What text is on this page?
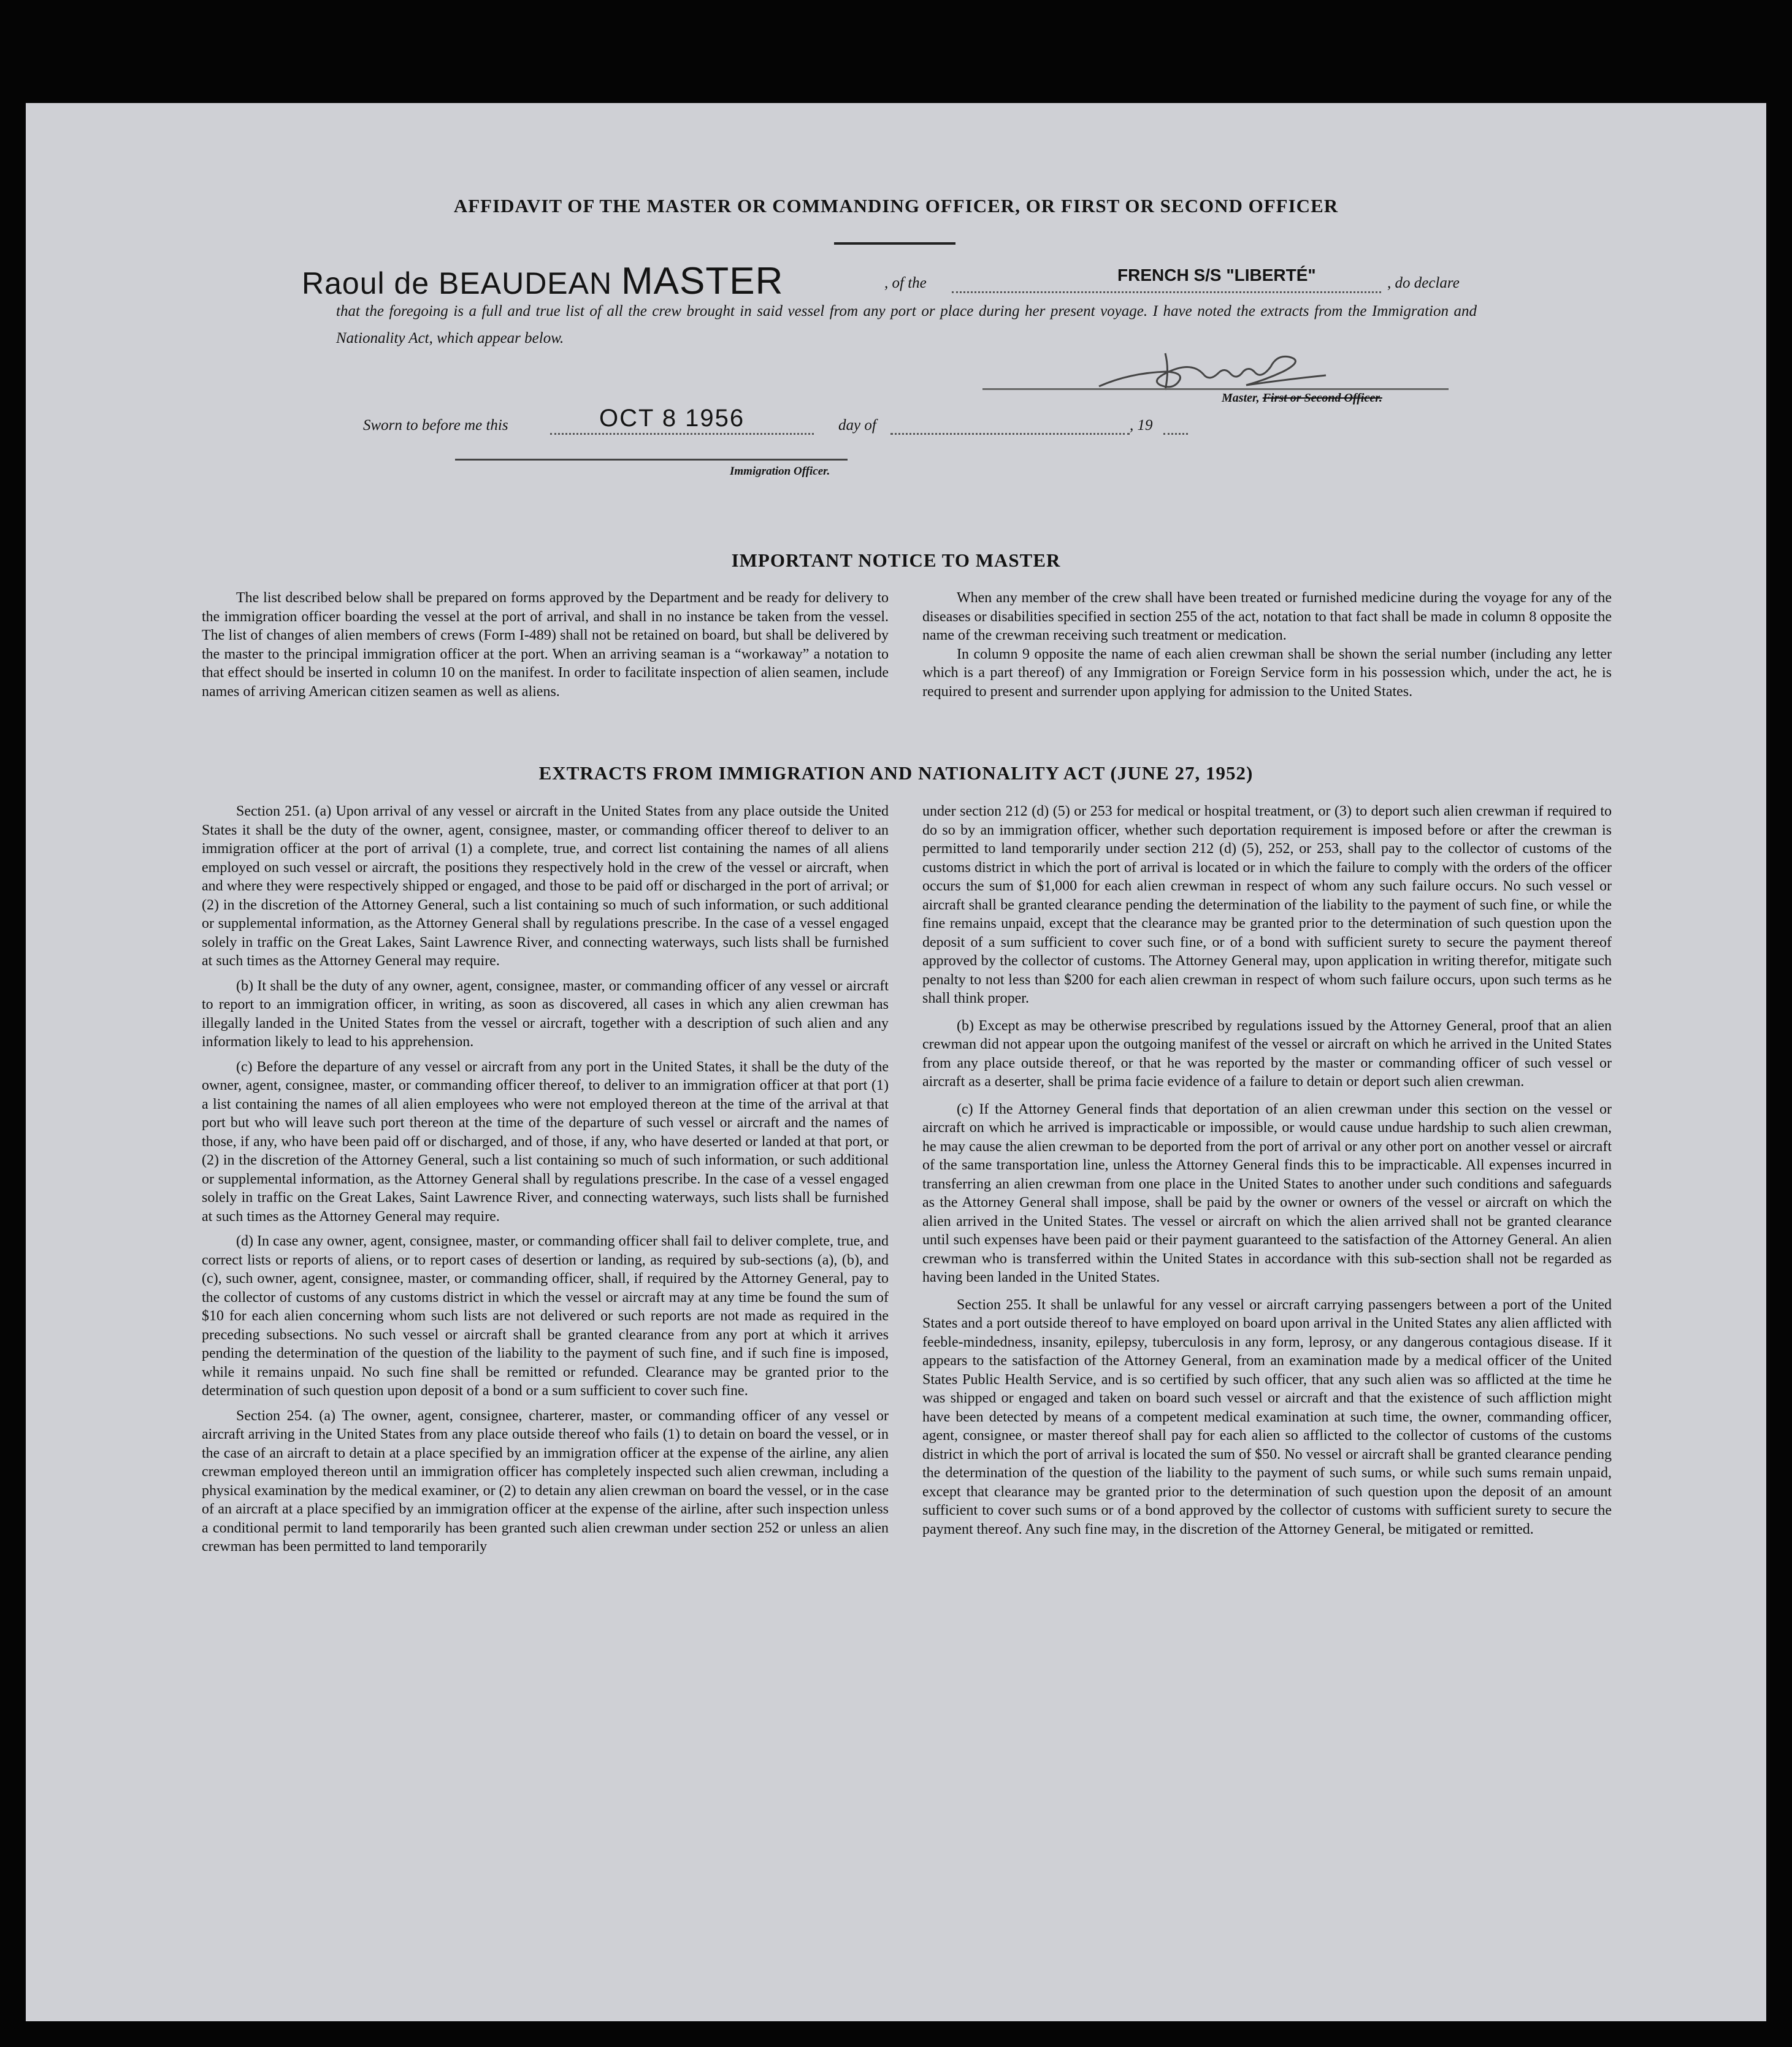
AFFIDAVIT OF THE MASTER OR COMMANDING OFFICER, OR FIRST OR SECOND OFFICER
Raoul de BEAUDEAN MASTER	, of the	FRENCH S/S "LIBERTÉ"	, do declare
that the foregoing is a full and true list of all the crew brought in said vessel from any port or place during her present voyage. I have noted the extracts from the Immigration and Nationality Act, which appear below.
Master, First or Second Officer.
Sworn to before me this	OCT 8 1956	day of	, 19
Immigration Officer.
IMPORTANT NOTICE TO MASTER

The list described below shall be prepared on forms approved by the Department and be ready for delivery to the immigration officer boarding the vessel at the port of arrival, and shall in no instance be taken from the vessel. The list of changes of alien members of crews (Form I-489) shall not be retained on board, but shall be delivered by the master to the principal immigration officer at the port. When an arriving seaman is a “workaway” a notation to that effect should be inserted in column 10 on the manifest. In order to facilitate inspection of alien seamen, include names of arriving American citizen seamen as well as aliens.

When any member of the crew shall have been treated or furnished medicine during the voyage for any of the diseases or disabilities specified in section 255 of the act, notation to that fact shall be made in column 8 opposite the name of the crewman receiving such treatment or medication.

In column 9 opposite the name of each alien crewman shall be shown the serial number (including any letter which is a part thereof) of any Immigration or Foreign Service form in his possession which, under the act, he is required to present and surrender upon applying for admission to the United States.

EXTRACTS FROM IMMIGRATION AND NATIONALITY ACT (JUNE 27, 1952)

Section 251. (a) Upon arrival of any vessel or aircraft in the United States from any place outside the United States it shall be the duty of the owner, agent, consignee, master, or commanding officer thereof to deliver to an immigration officer at the port of arrival (1) a complete, true, and correct list containing the names of all aliens employed on such vessel or aircraft, the positions they respectively hold in the crew of the vessel or aircraft, when and where they were respectively shipped or engaged, and those to be paid off or discharged in the port of arrival; or (2) in the discretion of the Attorney General, such a list containing so much of such information, or such additional or supplemental information, as the Attorney General shall by regulations prescribe. In the case of a vessel engaged solely in traffic on the Great Lakes, Saint Lawrence River, and connecting waterways, such lists shall be furnished at such times as the Attorney General may require.

(b) It shall be the duty of any owner, agent, consignee, master, or commanding officer of any vessel or aircraft to report to an immigration officer, in writing, as soon as discovered, all cases in which any alien crewman has illegally landed in the United States from the vessel or aircraft, together with a description of such alien and any information likely to lead to his apprehension.

(c) Before the departure of any vessel or aircraft from any port in the United States, it shall be the duty of the owner, agent, consignee, master, or commanding officer thereof, to deliver to an immigration officer at that port (1) a list containing the names of all alien employees who were not employed thereon at the time of the arrival at that port but who will leave such port thereon at the time of the departure of such vessel or aircraft and the names of those, if any, who have been paid off or discharged, and of those, if any, who have deserted or landed at that port, or (2) in the discretion of the Attorney General, such a list containing so much of such information, or such additional or supplemental information, as the Attorney General shall by regulations prescribe. In the case of a vessel engaged solely in traffic on the Great Lakes, Saint Lawrence River, and connecting waterways, such lists shall be furnished at such times as the Attorney General may require.

(d) In case any owner, agent, consignee, master, or commanding officer shall fail to deliver complete, true, and correct lists or reports of aliens, or to report cases of desertion or landing, as required by sub-sections (a), (b), and (c), such owner, agent, consignee, master, or commanding officer, shall, if required by the Attorney General, pay to the collector of customs of any customs district in which the vessel or aircraft may at any time be found the sum of $10 for each alien concerning whom such lists are not delivered or such reports are not made as required in the preceding subsections. No such vessel or aircraft shall be granted clearance from any port at which it arrives pending the determination of the question of the liability to the payment of such fine, and if such fine is imposed, while it remains unpaid. No such fine shall be remitted or refunded. Clearance may be granted prior to the determination of such question upon deposit of a bond or a sum sufficient to cover such fine.

Section 254. (a) The owner, agent, consignee, charterer, master, or commanding officer of any vessel or aircraft arriving in the United States from any place outside thereof who fails (1) to detain on board the vessel, or in the case of an aircraft to detain at a place specified by an immigration officer at the expense of the airline, any alien crewman employed thereon until an immigration officer has completely inspected such alien crewman, including a physical examination by the medical examiner, or (2) to detain any alien crewman on board the vessel, or in the case of an aircraft at a place specified by an immigration officer at the expense of the airline, after such inspection unless a conditional permit to land temporarily has been granted such alien crewman under section 252 or unless an alien crewman has been permitted to land temporarily

under section 212 (d) (5) or 253 for medical or hospital treatment, or (3) to deport such alien crewman if required to do so by an immigration officer, whether such deportation requirement is imposed before or after the crewman is permitted to land temporarily under section 212 (d) (5), 252, or 253, shall pay to the collector of customs of the customs district in which the port of arrival is located or in which the failure to comply with the orders of the officer occurs the sum of $1,000 for each alien crewman in respect of whom any such failure occurs. No such vessel or aircraft shall be granted clearance pending the determination of the liability to the payment of such fine, or while the fine remains unpaid, except that the clearance may be granted prior to the determination of such question upon the deposit of a sum sufficient to cover such fine, or of a bond with sufficient surety to secure the payment thereof approved by the collector of customs. The Attorney General may, upon application in writing therefor, mitigate such penalty to not less than $200 for each alien crewman in respect of whom such failure occurs, upon such terms as he shall think proper.

(b) Except as may be otherwise prescribed by regulations issued by the Attorney General, proof that an alien crewman did not appear upon the outgoing manifest of the vessel or aircraft on which he arrived in the United States from any place outside thereof, or that he was reported by the master or commanding officer of such vessel or aircraft as a deserter, shall be prima facie evidence of a failure to detain or deport such alien crewman.

(c) If the Attorney General finds that deportation of an alien crewman under this section on the vessel or aircraft on which he arrived is impracticable or impossible, or would cause undue hardship to such alien crewman, he may cause the alien crewman to be deported from the port of arrival or any other port on another vessel or aircraft of the same transportation line, unless the Attorney General finds this to be impracticable. All expenses incurred in transferring an alien crewman from one place in the United States to another under such conditions and safeguards as the Attorney General shall impose, shall be paid by the owner or owners of the vessel or aircraft on which the alien arrived in the United States. The vessel or aircraft on which the alien arrived shall not be granted clearance until such expenses have been paid or their payment guaranteed to the satisfaction of the Attorney General. An alien crewman who is transferred within the United States in accordance with this sub-section shall not be regarded as having been landed in the United States.

Section 255. It shall be unlawful for any vessel or aircraft carrying passengers between a port of the United States and a port outside thereof to have employed on board upon arrival in the United States any alien afflicted with feeble-mindedness, insanity, epilepsy, tuberculosis in any form, leprosy, or any dangerous contagious disease. If it appears to the satisfaction of the Attorney General, from an examination made by a medical officer of the United States Public Health Service, and is so certified by such officer, that any such alien was so afflicted at the time he was shipped or engaged and taken on board such vessel or aircraft and that the existence of such affliction might have been detected by means of a competent medical examination at such time, the owner, commanding officer, agent, consignee, or master thereof shall pay for each alien so afflicted to the collector of customs of the customs district in which the port of arrival is located the sum of $50. No vessel or aircraft shall be granted clearance pending the determination of the question of the liability to the payment of such sums, or while such sums remain unpaid, except that clearance may be granted prior to the determination of such question upon the deposit of an amount sufficient to cover such sums or of a bond approved by the collector of customs with sufficient surety to secure the payment thereof. Any such fine may, in the discretion of the Attorney General, be mitigated or remitted.
